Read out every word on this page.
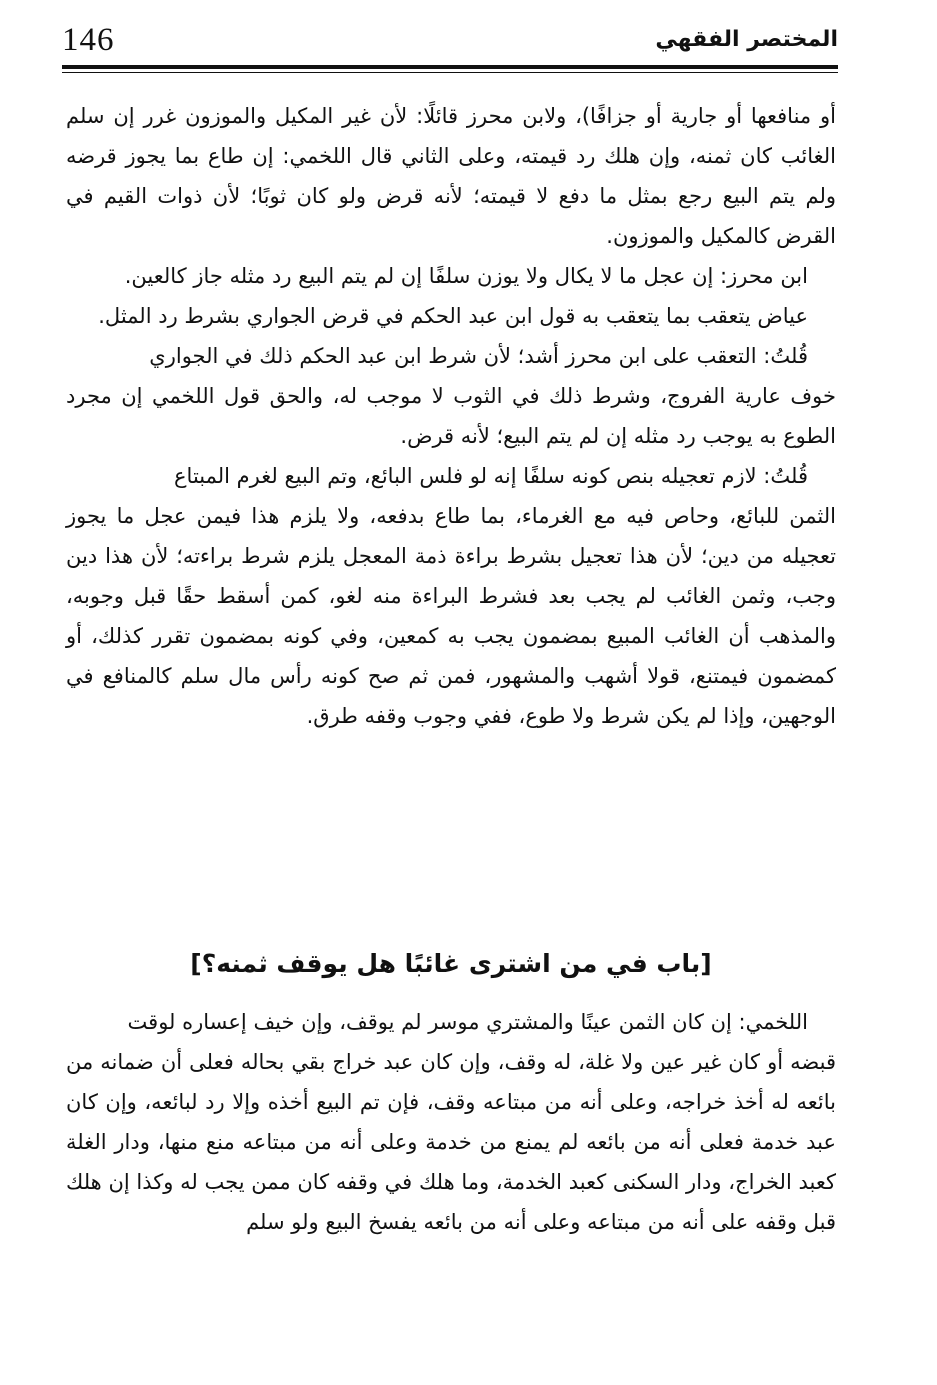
146	المختصر الفقهي

أو منافعها أو جارية أو جزافًا)، ولابن محرز قائلًا: لأن غير المكيل والموزون غرر إن سلم الغائب كان ثمنه، وإن هلك رد قيمته، وعلى الثاني قال اللخمي: إن طاع بما يجوز قرضه ولم يتم البيع رجع بمثل ما دفع لا قيمته؛ لأنه قرض ولو كان ثوبًا؛ لأن ذوات القيم في القرض كالمكيل والموزون.

ابن محرز: إن عجل ما لا يكال ولا يوزن سلفًا إن لم يتم البيع رد مثله جاز كالعين.

عياض يتعقب بما يتعقب به قول ابن عبد الحكم في قرض الجواري بشرط رد المثل.

قُلتُ: التعقب على ابن محرز أشد؛ لأن شرط ابن عبد الحكم ذلك في الجواري

خوف عارية الفروج، وشرط ذلك في الثوب لا موجب له، والحق قول اللخمي إن مجرد الطوع به يوجب رد مثله إن لم يتم البيع؛ لأنه قرض.

قُلتُ: لازم تعجيله بنص كونه سلفًا إنه لو فلس البائع، وتم البيع لغرم المبتاع

الثمن للبائع، وحاص فيه مع الغرماء، بما طاع بدفعه، ولا يلزم هذا فيمن عجل ما يجوز تعجيله من دين؛ لأن هذا تعجيل بشرط براءة ذمة المعجل يلزم شرط براءته؛ لأن هذا دين وجب، وثمن الغائب لم يجب بعد فشرط البراءة منه لغو، كمن أسقط حقًا قبل وجوبه، والمذهب أن الغائب المبيع بمضمون يجب به كمعين، وفي كونه بمضمون تقرر كذلك، أو كمضمون فيمتنع، قولا أشهب والمشهور، فمن ثم صح كونه رأس مال سلم كالمنافع في الوجهين، وإذا لم يكن شرط ولا طوع، ففي وجوب وقفه طرق.

[باب في من اشترى غائبًا هل يوقف ثمنه؟]

اللخمي: إن كان الثمن عينًا والمشتري موسر لم يوقف، وإن خيف إعساره لوقت

قبضه أو كان غير عين ولا غلة، له وقف، وإن كان عبد خراج بقي بحاله فعلى أن ضمانه من بائعه له أخذ خراجه، وعلى أنه من مبتاعه وقف، فإن تم البيع أخذه وإلا رد لبائعه، وإن كان عبد خدمة فعلى أنه من بائعه لم يمنع من خدمة وعلى أنه من مبتاعه منع منها، ودار الغلة كعبد الخراج، ودار السكنى كعبد الخدمة، وما هلك في وقفه كان ممن يجب له وكذا إن هلك قبل وقفه على أنه من مبتاعه وعلى أنه من بائعه يفسخ البيع ولو سلم
